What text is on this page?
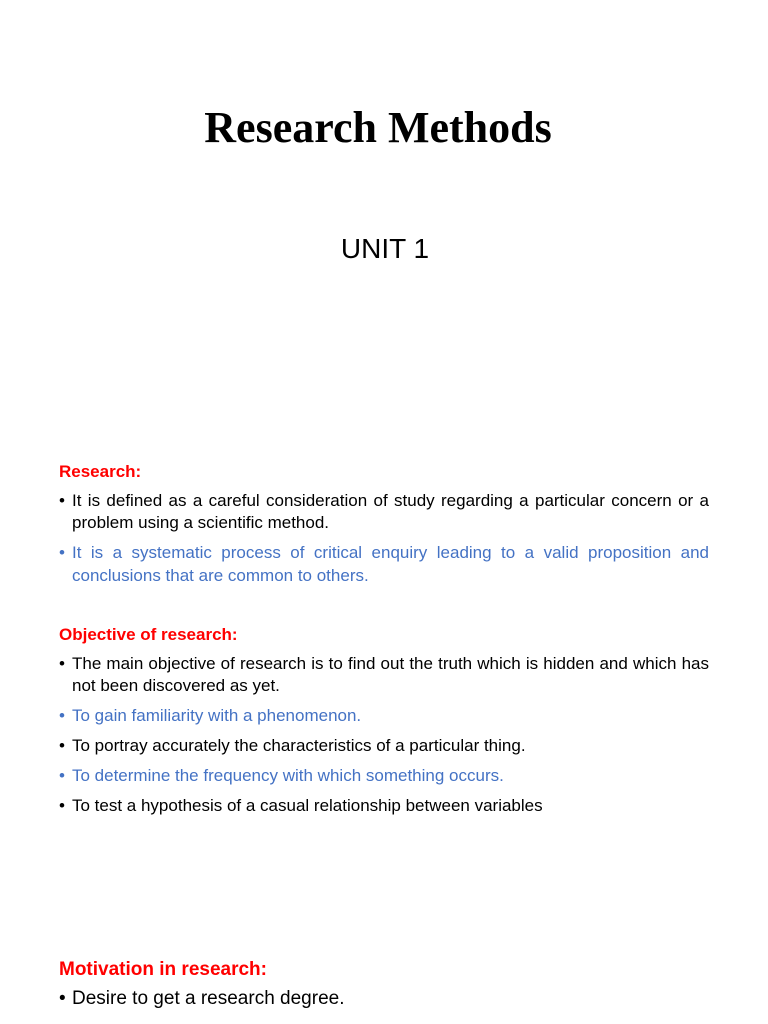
Research Methods
UNIT 1
Research:
• It is defined as a careful consideration of study regarding a particular concern or a problem using a scientific method.
• It is a systematic process of critical enquiry leading to a valid proposition and conclusions that are common to others.
Objective of research:
• The main objective of research is to find out the truth which is hidden and which has not been discovered as yet.
• To gain familiarity with a phenomenon.
• To portray accurately the characteristics of a particular thing.
• To determine the frequency with which something occurs.
• To test a hypothesis of a casual relationship between variables
Motivation in research:
• Desire to get a research degree.
